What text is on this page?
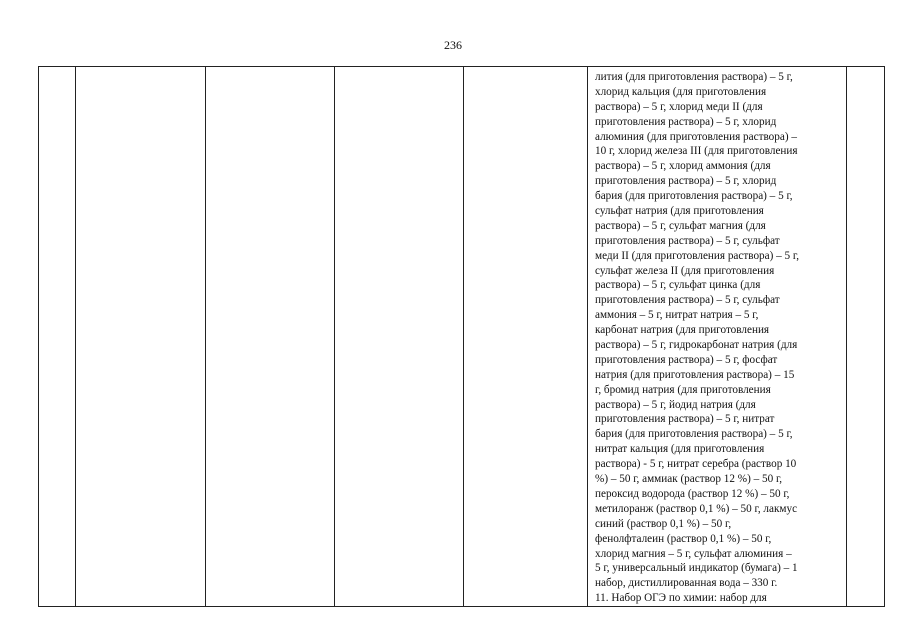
236

лития (для приготовления раствора) – 5 г,
хлорид кальция (для приготовления
раствора) – 5 г, хлорид меди II (для
приготовления раствора) – 5 г, хлорид
алюминия (для приготовления раствора) –
10 г, хлорид железа III (для приготовления
раствора) – 5 г, хлорид аммония (для
приготовления раствора) – 5 г, хлорид
бария (для приготовления раствора) – 5 г,
сульфат натрия (для приготовления
раствора) – 5 г, сульфат магния (для
приготовления раствора) – 5 г, сульфат
меди II (для приготовления раствора) – 5 г,
сульфат железа II (для приготовления
раствора) – 5 г, сульфат цинка (для
приготовления раствора) – 5 г, сульфат
аммония – 5 г, нитрат натрия – 5 г,
карбонат натрия (для приготовления
раствора) – 5 г, гидрокарбонат натрия (для
приготовления раствора) – 5 г, фосфат
натрия (для приготовления раствора) – 15
г, бромид натрия (для приготовления
раствора) – 5 г, йодид натрия (для
приготовления раствора) – 5 г, нитрат
бария (для приготовления раствора) – 5 г,
нитрат кальция (для приготовления
раствора) - 5 г, нитрат серебра (раствор 10
%) – 50 г, аммиак (раствор 12 %) – 50 г,
пероксид водорода (раствор 12 %) – 50 г,
метилоранж (раствор 0,1 %) – 50 г, лакмус
синий (раствор 0,1 %) – 50 г,
фенолфталеин (раствор 0,1 %) – 50 г,
хлорид магния – 5 г, сульфат алюминия –
5 г, универсальный индикатор (бумага) – 1
набор, дистиллированная вода – 330 г.
11. Набор ОГЭ по химии: набор для
